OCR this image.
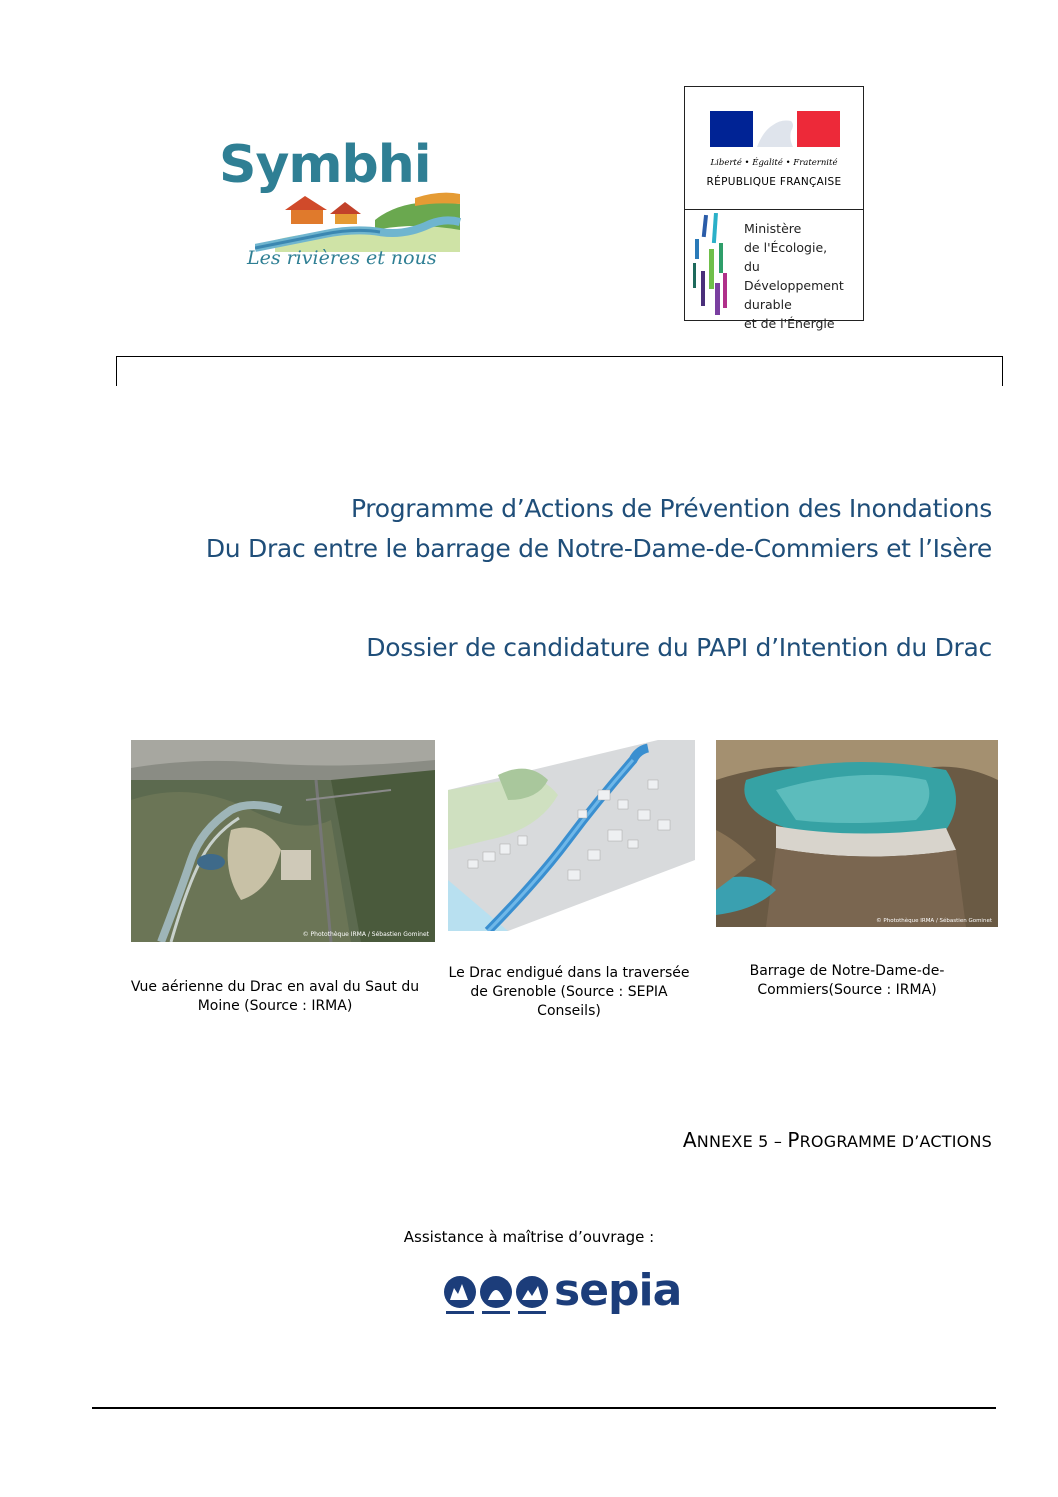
Symbhi
Les rivières et nous
Liberté • Égalité • Fraternité
RÉPUBLIQUE FRANÇAISE
Ministère
de l'Écologie,
du Développement
durable
et de l'Énergie
Programme d’Actions de Prévention des Inondations
Du Drac entre le barrage de Notre-Dame-de-Commiers et l’Isère
Dossier de candidature du PAPI d’Intention du Drac
© Photothèque IRMA / Sébastien Gominet
© Photothèque IRMA / Sébastien Gominet
Vue aérienne du Drac en aval du Saut du
Moine (Source : IRMA)
Le Drac endigué dans la traversée
de Grenoble (Source : SEPIA
Conseils)
Barrage de Notre-Dame-de-
Commiers(Source : IRMA)
ANNEXE 5 – PROGRAMME D’ACTIONS
Assistance à maîtrise d’ouvrage :
sepia
